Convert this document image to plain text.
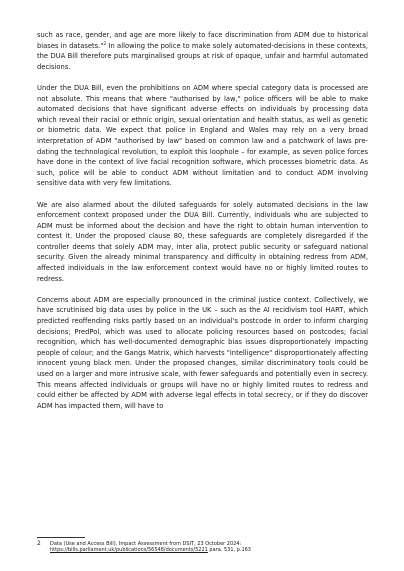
such as race, gender, and age are more likely to face discrimination from ADM due to historical biases in datasets."$^2$ In allowing the police to make solely automated-decisions in these contexts, the DUA Bill therefore puts marginalised groups at risk of opaque, unfair and harmful automated decisions.

Under the DUA Bill, even the prohibitions on ADM where special category data is processed are not absolute. This means that where "authorised by law," police officers will be able to make automated decisions that have significant adverse effects on individuals by processing data which reveal their racial or ethnic origin, sexual orientation and health status, as well as genetic or biometric data. We expect that police in England and Wales may rely on a very broad interpretation of ADM "authorised by law" based on common law and a patchwork of laws pre-dating the technological revolution, to exploit this loophole – for example, as seven police forces have done in the context of live facial recognition software, which processes biometric data. As such, police will be able to conduct ADM without limitation and to conduct ADM involving sensitive data with very few limitations.

We are also alarmed about the diluted safeguards for solely automated decisions in the law enforcement context proposed under the DUA Bill. Currently, individuals who are subjected to ADM must be informed about the decision and have the right to obtain human intervention to contest it. Under the proposed clause 80, these safeguards are completely disregarded if the controller deems that solely ADM may, inter alia, protect public security or safeguard national security. Given the already minimal transparency and difficulty in obtaining redress from ADM, affected individuals in the law enforcement context would have no or highly limited routes to redress.

Concerns about ADM are especially pronounced in the criminal justice context. Collectively, we have scrutinised big data uses by police in the UK – such as the AI recidivism tool HART, which predicted reoffending risks partly based on an individual's postcode in order to inform charging decisions; PredPol, which was used to allocate policing resources based on postcodes; facial recognition, which has well-documented demographic bias issues disproportionately impacting people of colour; and the Gangs Matrix, which harvests "intelligence" disproportionately affecting innocent young black men. Under the proposed changes, similar discriminatory tools could be used on a larger and more intrusive scale, with fewer safeguards and potentially even in secrecy. This means affected individuals or groups will have no or highly limited routes to redress and could either be affected by ADM with adverse legal effects in total secrecy, or if they do discover ADM has impacted them, will have to

2 Data (Use and Access Bill), Impact Assessment from DSIT, 23 October 2024:
https://bills.parliament.uk/publications/56548/documents/5221 para. 531, p.163
